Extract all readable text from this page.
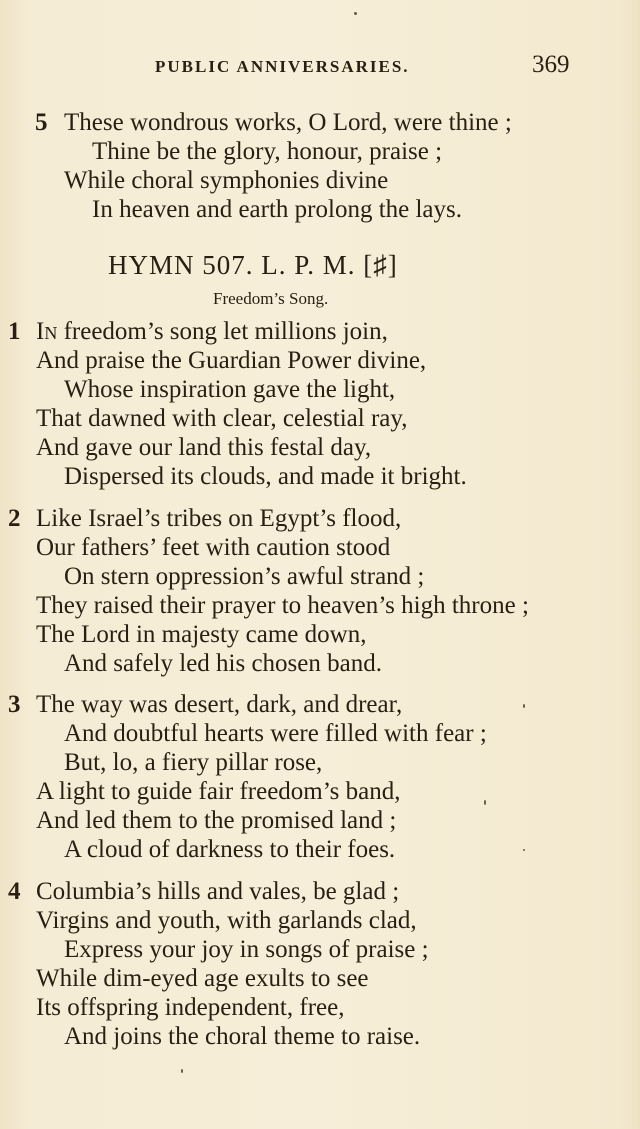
PUBLIC ANNIVERSARIES.	369
5 These wondrous works, O Lord, were thine ;
Thine be the glory, honour, praise ;
While choral symphonies divine
In heaven and earth prolong the lays.
HYMN 507. L. P. M. [♯]
Freedom’s Song.
1 In freedom’s song let millions join,
And praise the Guardian Power divine,
Whose inspiration gave the light,
That dawned with clear, celestial ray,
And gave our land this festal day,
Dispersed its clouds, and made it bright.
2 Like Israel’s tribes on Egypt’s flood,
Our fathers’ feet with caution stood
On stern oppression’s awful strand ;
They raised their prayer to heaven’s high throne ;
The Lord in majesty came down,
And safely led his chosen band.
3 The way was desert, dark, and drear,
And doubtful hearts were filled with fear ;
But, lo, a fiery pillar rose,
A light to guide fair freedom’s band,
And led them to the promised land ;
A cloud of darkness to their foes.
4 Columbia’s hills and vales, be glad ;
Virgins and youth, with garlands clad,
Express your joy in songs of praise ;
While dim-eyed age exults to see
Its offspring independent, free,
And joins the choral theme to raise.
